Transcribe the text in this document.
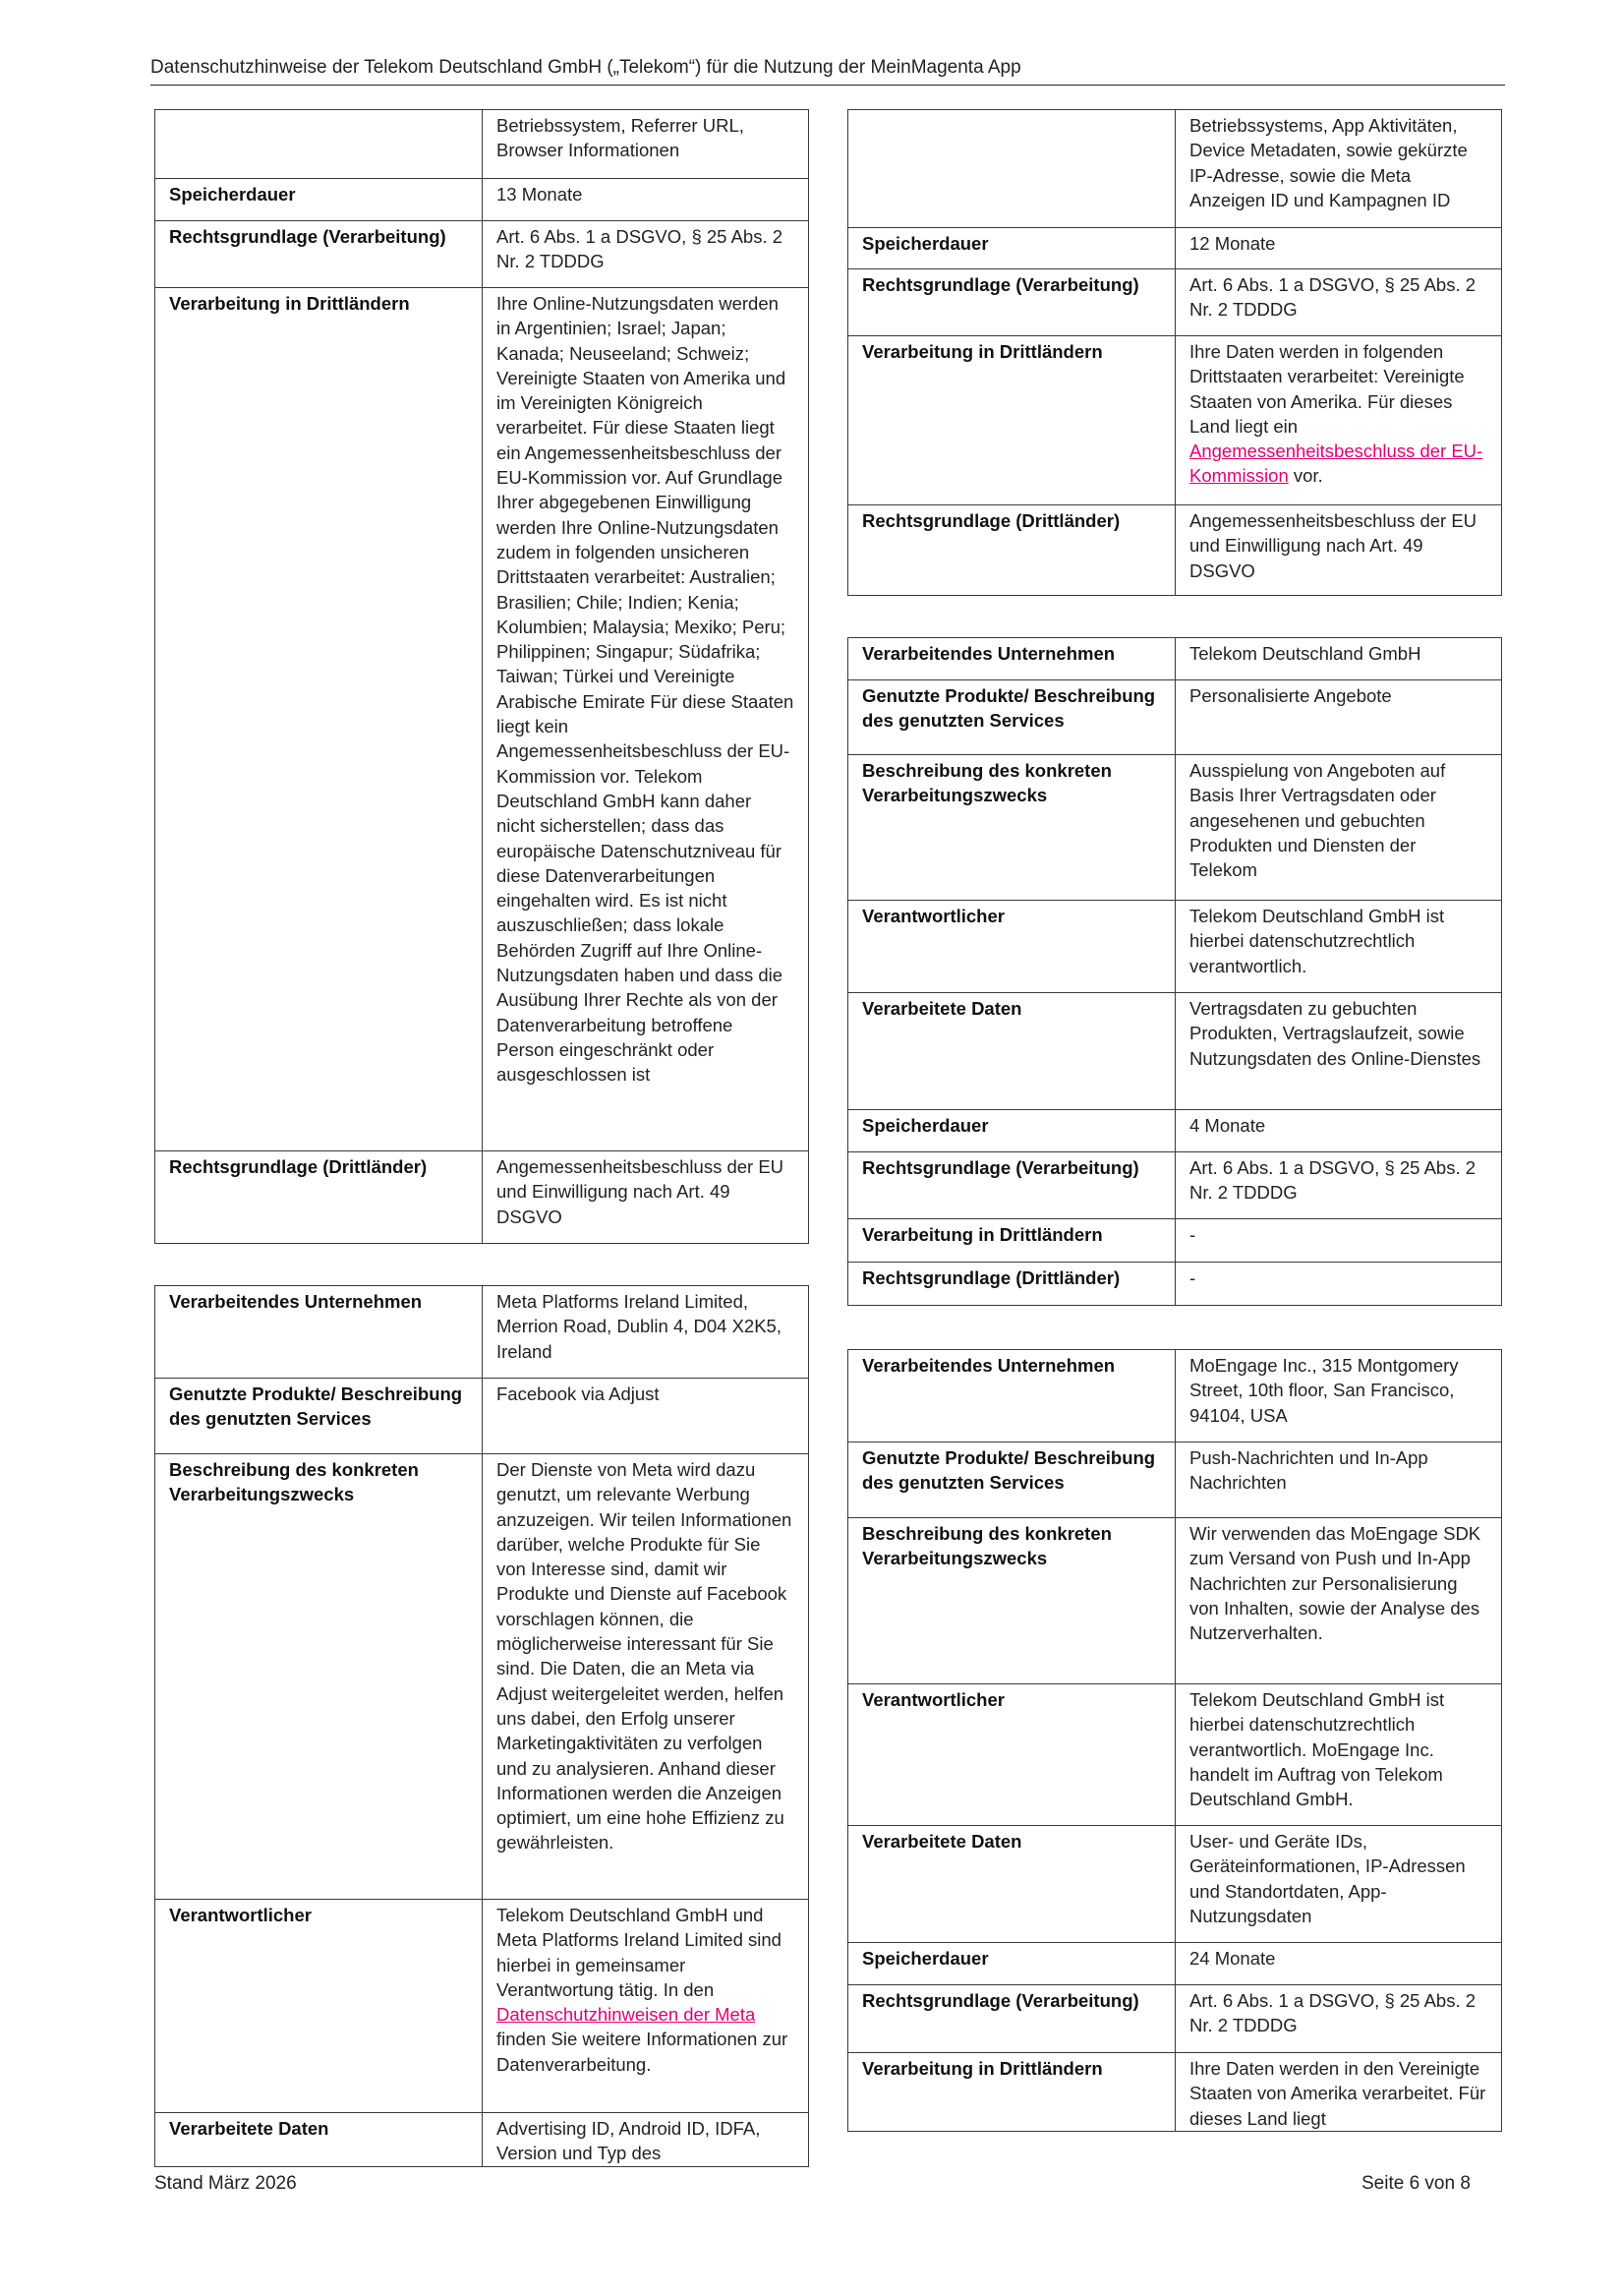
Datenschutzhinweise der Telekom Deutschland GmbH („Telekom“) für die Nutzung der MeinMagenta App
	Betriebssystem, Referrer URL, Browser Informationen
Speicherdauer	13 Monate
Rechtsgrundlage (Verarbeitung)	Art. 6 Abs. 1 a DSGVO, § 25 Abs. 2 Nr. 2 TDDDG
Verarbeitung in Drittländern	Ihre Online-Nutzungsdaten werden in Argentinien; Israel; Japan; Kanada; Neuseeland; Schweiz; Vereinigte Staaten von Amerika und im Vereinigten Königreich verarbeitet. Für diese Staaten liegt ein Angemessenheitsbeschluss der EU-Kommission vor. Auf Grundlage Ihrer abgegebenen Einwilligung werden Ihre Online-Nutzungsdaten zudem in folgenden unsicheren Drittstaaten verarbeitet: Australien; Brasilien; Chile; Indien; Kenia; Kolumbien; Malaysia; Mexiko; Peru; Philippinen; Singapur; Südafrika; Taiwan; Türkei und Vereinigte Arabische Emirate Für diese Staaten liegt kein Angemessenheitsbeschluss der EU-Kommission vor. Telekom Deutschland GmbH kann daher nicht sicherstellen; dass das europäische Datenschutzniveau für diese Datenverarbeitungen eingehalten wird. Es ist nicht auszuschließen; dass lokale Behörden Zugriff auf Ihre Online-Nutzungsdaten haben und dass die Ausübung Ihrer Rechte als von der Datenverarbeitung betroffene Person eingeschränkt oder ausgeschlossen ist
Rechtsgrundlage (Drittländer)	Angemessenheitsbeschluss der EU und Einwilligung nach Art. 49 DSGVO
Verarbeitendes Unternehmen	Meta Platforms Ireland Limited, Merrion Road, Dublin 4, D04 X2K5, Ireland
Genutzte Produkte/ Beschreibung des genutzten Services	Facebook via Adjust
Beschreibung des konkreten Verarbeitungszwecks	Der Dienste von Meta wird dazu genutzt, um relevante Werbung anzuzeigen. Wir teilen Informationen darüber, welche Produkte für Sie von Interesse sind, damit wir Produkte und Dienste auf Facebook vorschlagen können, die möglicherweise interessant für Sie sind. Die Daten, die an Meta via Adjust weitergeleitet werden, helfen uns dabei, den Erfolg unserer Marketingaktivitäten zu verfolgen und zu analysieren. Anhand dieser Informationen werden die Anzeigen optimiert, um eine hohe Effizienz zu gewährleisten.
Verantwortlicher	Telekom Deutschland GmbH und Meta Platforms Ireland Limited sind hierbei in gemeinsamer Verantwortung tätig. In den Datenschutzhinweisen der Meta finden Sie weitere Informationen zur Datenverarbeitung.
Verarbeitete Daten	Advertising ID, Android ID, IDFA, Version und Typ des
	Betriebssystems, App Aktivitäten, Device Metadaten, sowie gekürzte IP-Adresse, sowie die Meta Anzeigen ID und Kampagnen ID
Speicherdauer	12 Monate
Rechtsgrundlage (Verarbeitung)	Art. 6 Abs. 1 a DSGVO, § 25 Abs. 2 Nr. 2 TDDDG
Verarbeitung in Drittländern	Ihre Daten werden in folgenden Drittstaaten verarbeitet: Vereinigte Staaten von Amerika. Für dieses Land liegt ein Angemessenheitsbeschluss der EU-Kommission vor.
Rechtsgrundlage (Drittländer)	Angemessenheitsbeschluss der EU und Einwilligung nach Art. 49 DSGVO
Verarbeitendes Unternehmen	Telekom Deutschland GmbH
Genutzte Produkte/ Beschreibung des genutzten Services	Personalisierte Angebote
Beschreibung des konkreten Verarbeitungszwecks	Ausspielung von Angeboten auf Basis Ihrer Vertragsdaten oder angesehenen und gebuchten Produkten und Diensten der Telekom
Verantwortlicher	Telekom Deutschland GmbH ist hierbei datenschutzrechtlich verantwortlich.
Verarbeitete Daten	Vertragsdaten zu gebuchten Produkten, Vertragslaufzeit, sowie Nutzungsdaten des Online-Dienstes
Speicherdauer	4 Monate
Rechtsgrundlage (Verarbeitung)	Art. 6 Abs. 1 a DSGVO, § 25 Abs. 2 Nr. 2 TDDDG
Verarbeitung in Drittländern	-
Rechtsgrundlage (Drittländer)	-
Verarbeitendes Unternehmen	MoEngage Inc., 315 Montgomery Street, 10th floor, San Francisco, 94104, USA
Genutzte Produkte/ Beschreibung des genutzten Services	Push-Nachrichten und In-App Nachrichten
Beschreibung des konkreten Verarbeitungszwecks	Wir verwenden das MoEngage SDK zum Versand von Push und In-App Nachrichten zur Personalisierung von Inhalten, sowie der Analyse des Nutzerverhalten.
Verantwortlicher	Telekom Deutschland GmbH ist hierbei datenschutzrechtlich verantwortlich. MoEngage Inc. handelt im Auftrag von Telekom Deutschland GmbH.
Verarbeitete Daten	User- und Geräte IDs, Geräteinformationen, IP-Adressen und Standortdaten, App-Nutzungsdaten
Speicherdauer	24 Monate
Rechtsgrundlage (Verarbeitung)	Art. 6 Abs. 1 a DSGVO, § 25 Abs. 2 Nr. 2 TDDDG
Verarbeitung in Drittländern	Ihre Daten werden in den Vereinigte Staaten von Amerika verarbeitet. Für dieses Land liegt
Stand März 2026	Seite 6 von 8
